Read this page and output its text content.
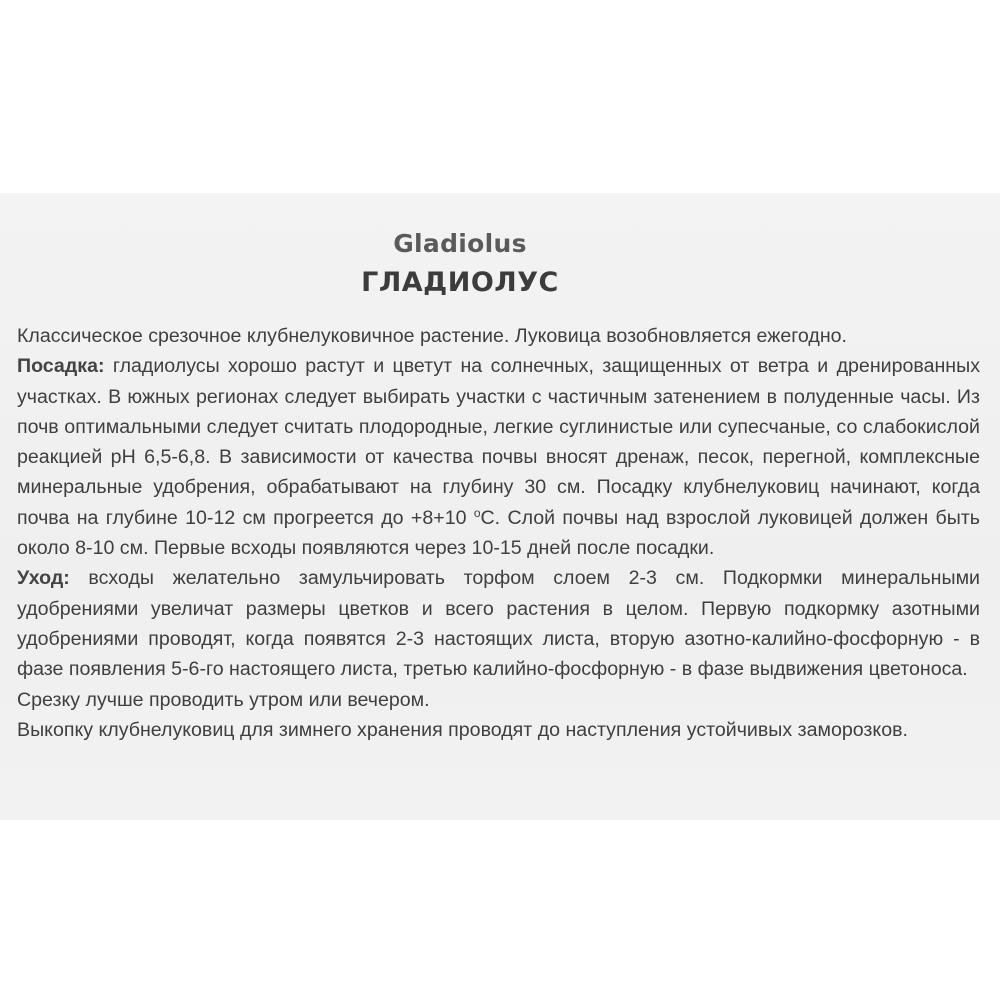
Gladiolus
ГЛАДИОЛУС

Классическое срезочное клубнелуковичное растение. Луковица возобновляется ежегодно.

Посадка: гладиолусы хорошо растут и цветут на солнечных, защищенных от ветра и дренированных участках. В южных регионах следует выбирать участки с частичным затенением в полуденные часы. Из почв оптимальными следует считать плодородные, легкие суглинистые или супесчаные, со слабокислой реакцией pH 6,5-6,8. В зависимости от качества почвы вносят дренаж, песок, перегной, комплексные минеральные удобрения, обрабатывают на глубину 30 см. Посадку клубнелуковиц начинают, когда почва на глубине 10-12 см прогреется до +8+10 $^о$С. Слой почвы над взрослой луковицей должен быть около 8-10 см. Первые всходы появляются через 10-15 дней после посадки.

Уход: всходы желательно замульчировать торфом слоем 2-3 см. Подкормки минеральными удобрениями увеличат размеры цветков и всего растения в целом. Первую подкормку азотными удобрениями проводят, когда появятся 2-3 настоящих листа, вторую азотно-калийно-фосфорную - в фазе появления 5-6-го настоящего листа, третью калийно-фосфорную - в фазе выдвижения цветоноса.

Срезку лучше проводить утром или вечером.

Выкопку клубнелуковиц для зимнего хранения проводят до наступления устойчивых заморозков.
